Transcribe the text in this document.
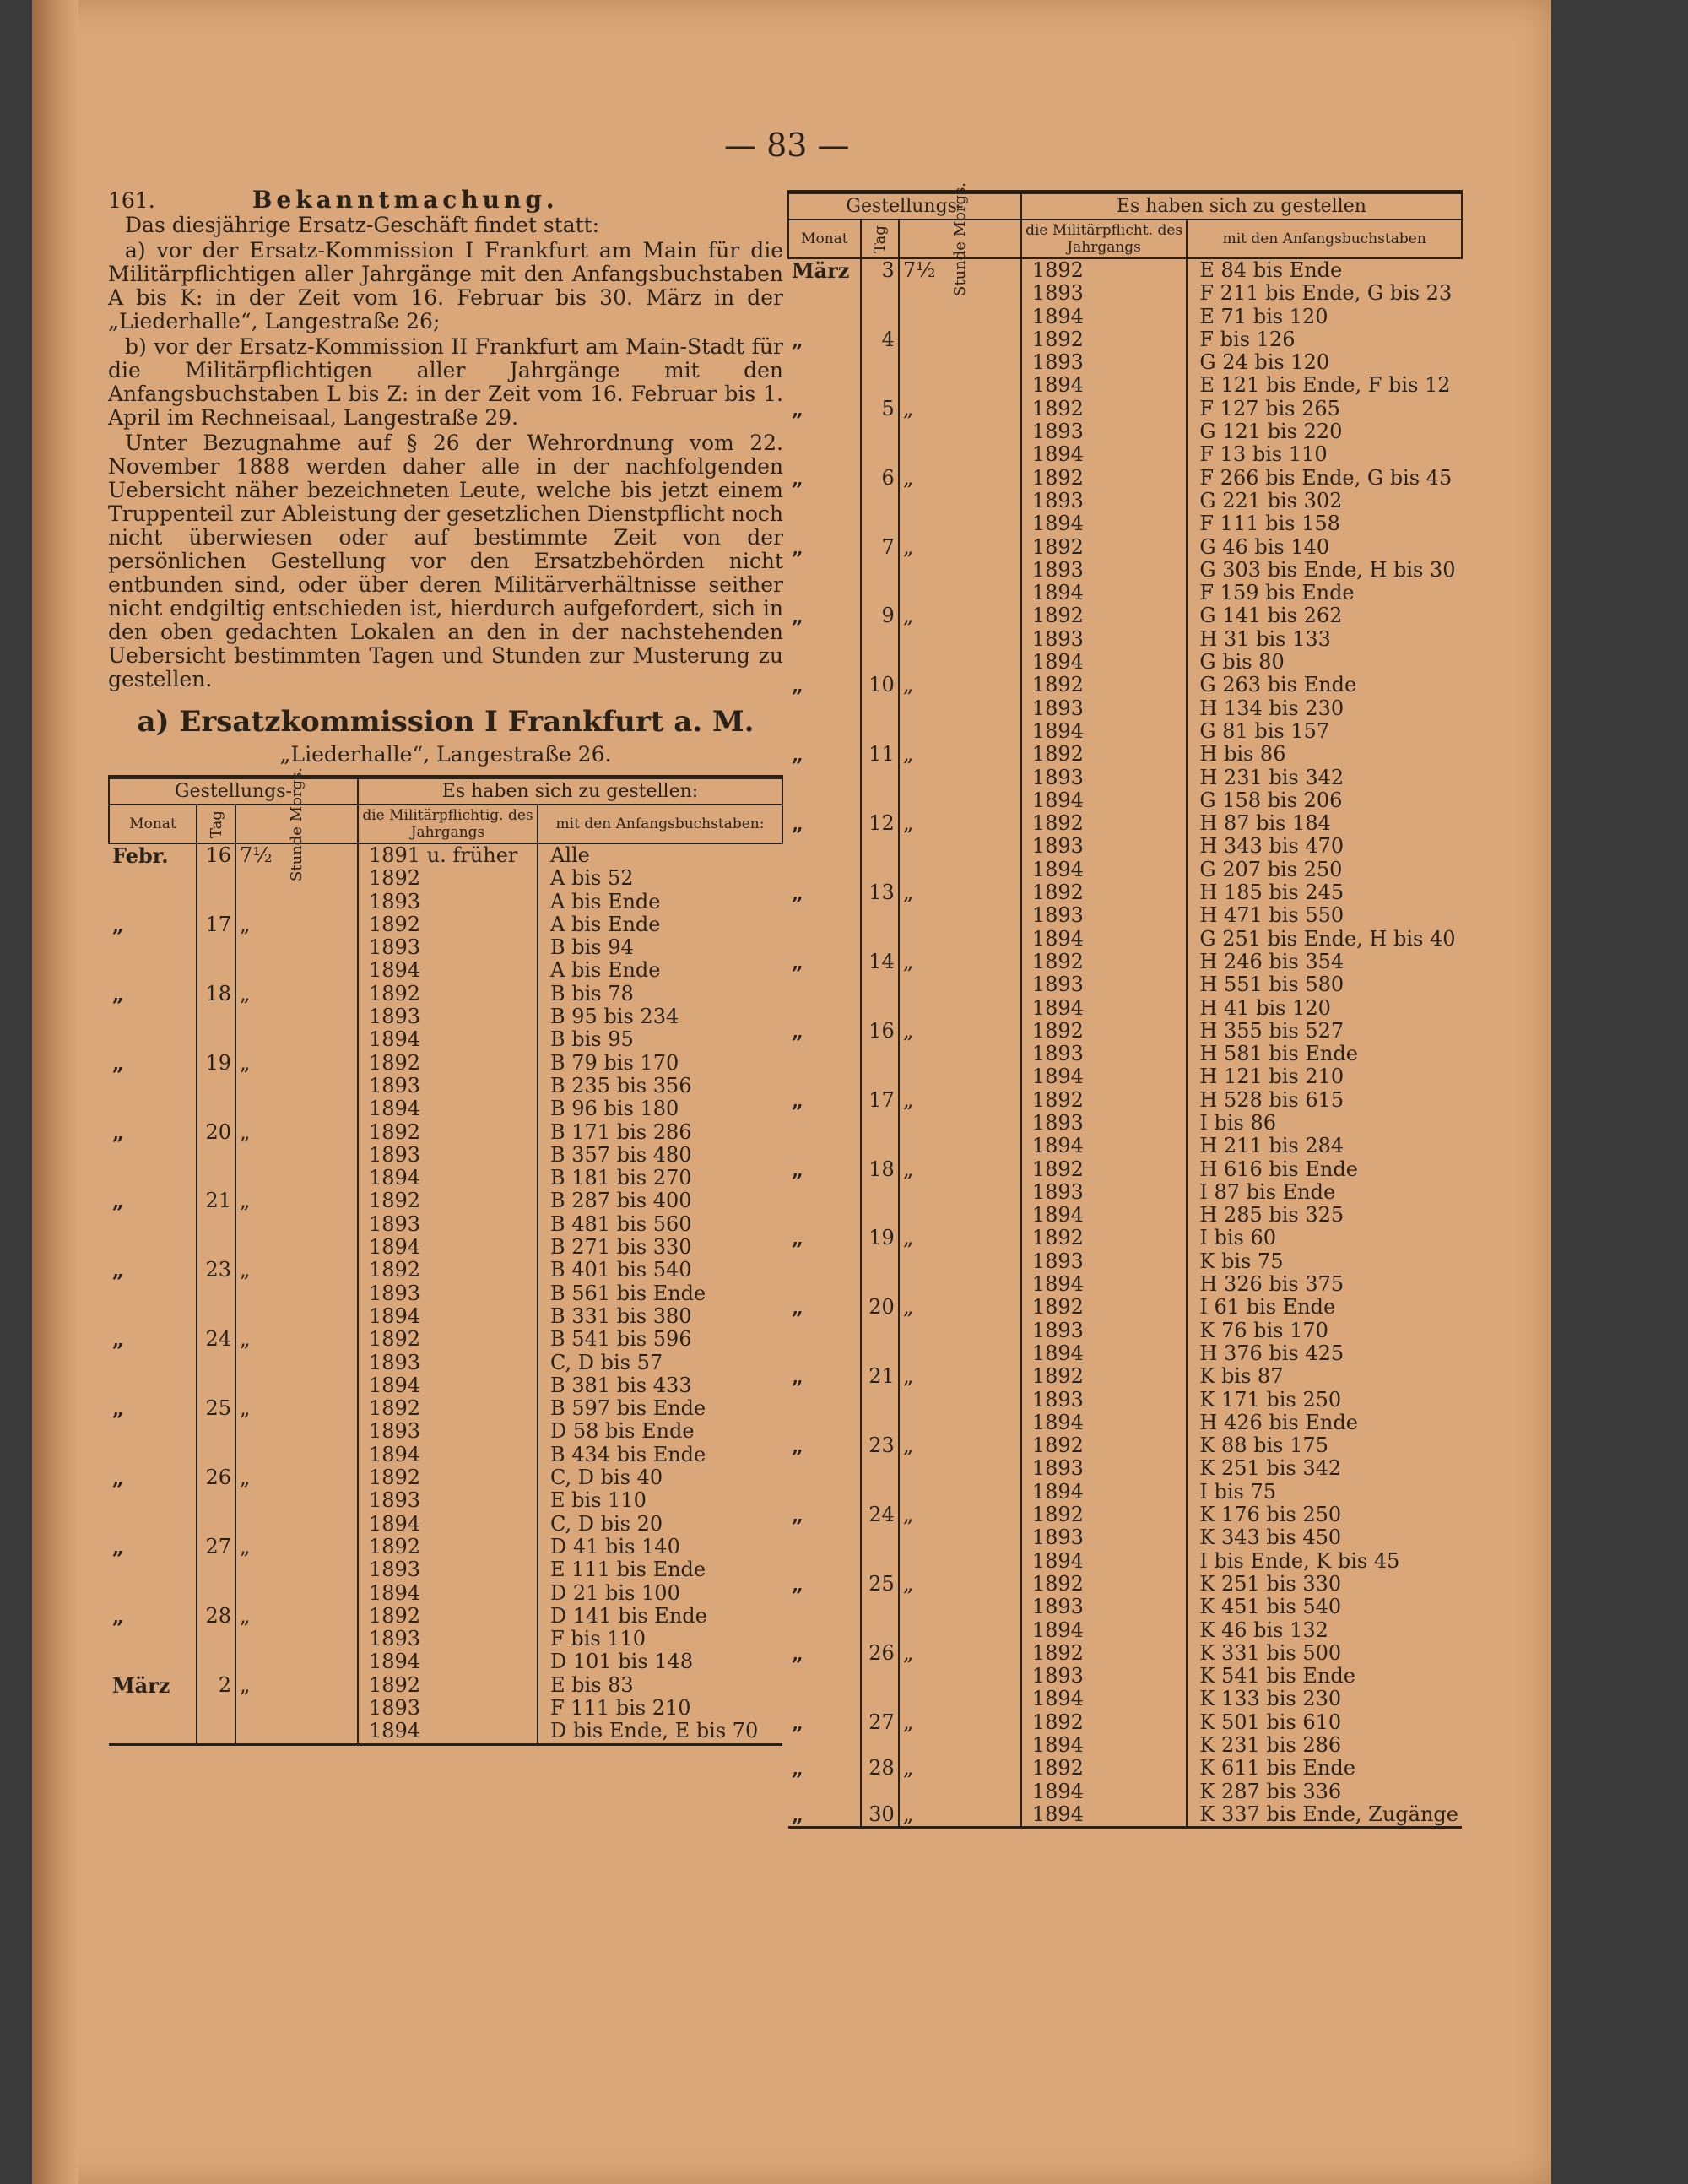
— 83 —
161.	Bekanntmachung.

Das diesjährige Ersatz-Geschäft findet statt:

a) vor der Ersatz-Kommission I Frankfurt am Main für die Militärpflichtigen aller Jahrgänge mit den Anfangsbuchstaben A bis K: in der Zeit vom 16. Februar bis 30. März in der „Liederhalle“, Langestraße 26;

b) vor der Ersatz-Kommission II Frankfurt am Main-Stadt für die Militärpflichtigen aller Jahrgänge mit den Anfangsbuchstaben L bis Z: in der Zeit vom 16. Februar bis 1. April im Rechneisaal, Langestraße 29.

Unter Bezugnahme auf § 26 der Wehrordnung vom 22. November 1888 werden daher alle in der nachfolgenden Uebersicht näher bezeichneten Leute, welche bis jetzt einem Truppenteil zur Ableistung der gesetzlichen Dienstpflicht noch nicht überwiesen oder auf bestimmte Zeit von der persönlichen Gestellung vor den Ersatzbehörden nicht entbunden sind, oder über deren Militärverhältnisse seither nicht endgiltig entschieden ist, hierdurch aufgefordert, sich in den oben gedachten Lokalen an den in der nachstehenden Uebersicht bestimmten Tagen und Stunden zur Musterung zu gestellen.

a) Ersatzkommission I Frankfurt a. M.
„Liederhalle“, Langestraße 26.
Gestellungs-			Es haben sich zu gestellen:	
Monat	Tag	Stunde Morgs.	die Militärpflichtig. des Jahrgangs	mit den Anfangsbuchstaben:
Febr.	16	7½	1891 u. früher	Alle
			1892	A bis 52
			1893	A bis Ende
„	17	„	1892	A bis Ende
			1893	B bis 94
			1894	A bis Ende
„	18	„	1892	B bis 78
			1893	B 95 bis 234
			1894	B bis 95
„	19	„	1892	B 79 bis 170
			1893	B 235 bis 356
			1894	B 96 bis 180
„	20	„	1892	B 171 bis 286
			1893	B 357 bis 480
			1894	B 181 bis 270
„	21	„	1892	B 287 bis 400
			1893	B 481 bis 560
			1894	B 271 bis 330
„	23	„	1892	B 401 bis 540
			1893	B 561 bis Ende
			1894	B 331 bis 380
„	24	„	1892	B 541 bis 596
			1893	C, D bis 57
			1894	B 381 bis 433
„	25	„	1892	B 597 bis Ende
			1893	D 58 bis Ende
			1894	B 434 bis Ende
„	26	„	1892	C, D bis 40
			1893	E bis 110
			1894	C, D bis 20
„	27	„	1892	D 41 bis 140
			1893	E 111 bis Ende
			1894	D 21 bis 100
„	28	„	1892	D 141 bis Ende
			1893	F bis 110
			1894	D 101 bis 148
März	2	„	1892	E bis 83
			1893	F 111 bis 210
			1894	D bis Ende, E bis 70
Gestellungs-			Es haben sich zu gestellen	
Monat	Tag	Stunde Morgs.	die Militärpflicht. des Jahrgangs	mit den Anfangsbuchstaben
März	3	7½	1892	E 84 bis Ende
			1893	F 211 bis Ende, G bis 23
			1894	E 71 bis 120
„	4		1892	F bis 126
			1893	G 24 bis 120
			1894	E 121 bis Ende, F bis 12
„	5	„	1892	F 127 bis 265
			1893	G 121 bis 220
			1894	F 13 bis 110
„	6	„	1892	F 266 bis Ende, G bis 45
			1893	G 221 bis 302
			1894	F 111 bis 158
„	7	„	1892	G 46 bis 140
			1893	G 303 bis Ende, H bis 30
			1894	F 159 bis Ende
„	9	„	1892	G 141 bis 262
			1893	H 31 bis 133
			1894	G bis 80
„	10	„	1892	G 263 bis Ende
			1893	H 134 bis 230
			1894	G 81 bis 157
„	11	„	1892	H bis 86
			1893	H 231 bis 342
			1894	G 158 bis 206
„	12	„	1892	H 87 bis 184
			1893	H 343 bis 470
			1894	G 207 bis 250
„	13	„	1892	H 185 bis 245
			1893	H 471 bis 550
			1894	G 251 bis Ende, H bis 40
„	14	„	1892	H 246 bis 354
			1893	H 551 bis 580
			1894	H 41 bis 120
„	16	„	1892	H 355 bis 527
			1893	H 581 bis Ende
			1894	H 121 bis 210
„	17	„	1892	H 528 bis 615
			1893	I bis 86
			1894	H 211 bis 284
„	18	„	1892	H 616 bis Ende
			1893	I 87 bis Ende
			1894	H 285 bis 325
„	19	„	1892	I bis 60
			1893	K bis 75
			1894	H 326 bis 375
„	20	„	1892	I 61 bis Ende
			1893	K 76 bis 170
			1894	H 376 bis 425
„	21	„	1892	K bis 87
			1893	K 171 bis 250
			1894	H 426 bis Ende
„	23	„	1892	K 88 bis 175
			1893	K 251 bis 342
			1894	I bis 75
„	24	„	1892	K 176 bis 250
			1893	K 343 bis 450
			1894	I bis Ende, K bis 45
„	25	„	1892	K 251 bis 330
			1893	K 451 bis 540
			1894	K 46 bis 132
„	26	„	1892	K 331 bis 500
			1893	K 541 bis Ende
			1894	K 133 bis 230
„	27	„	1892	K 501 bis 610
			1894	K 231 bis 286
„	28	„	1892	K 611 bis Ende
			1894	K 287 bis 336
„	30	„	1894	K 337 bis Ende, Zugänge
